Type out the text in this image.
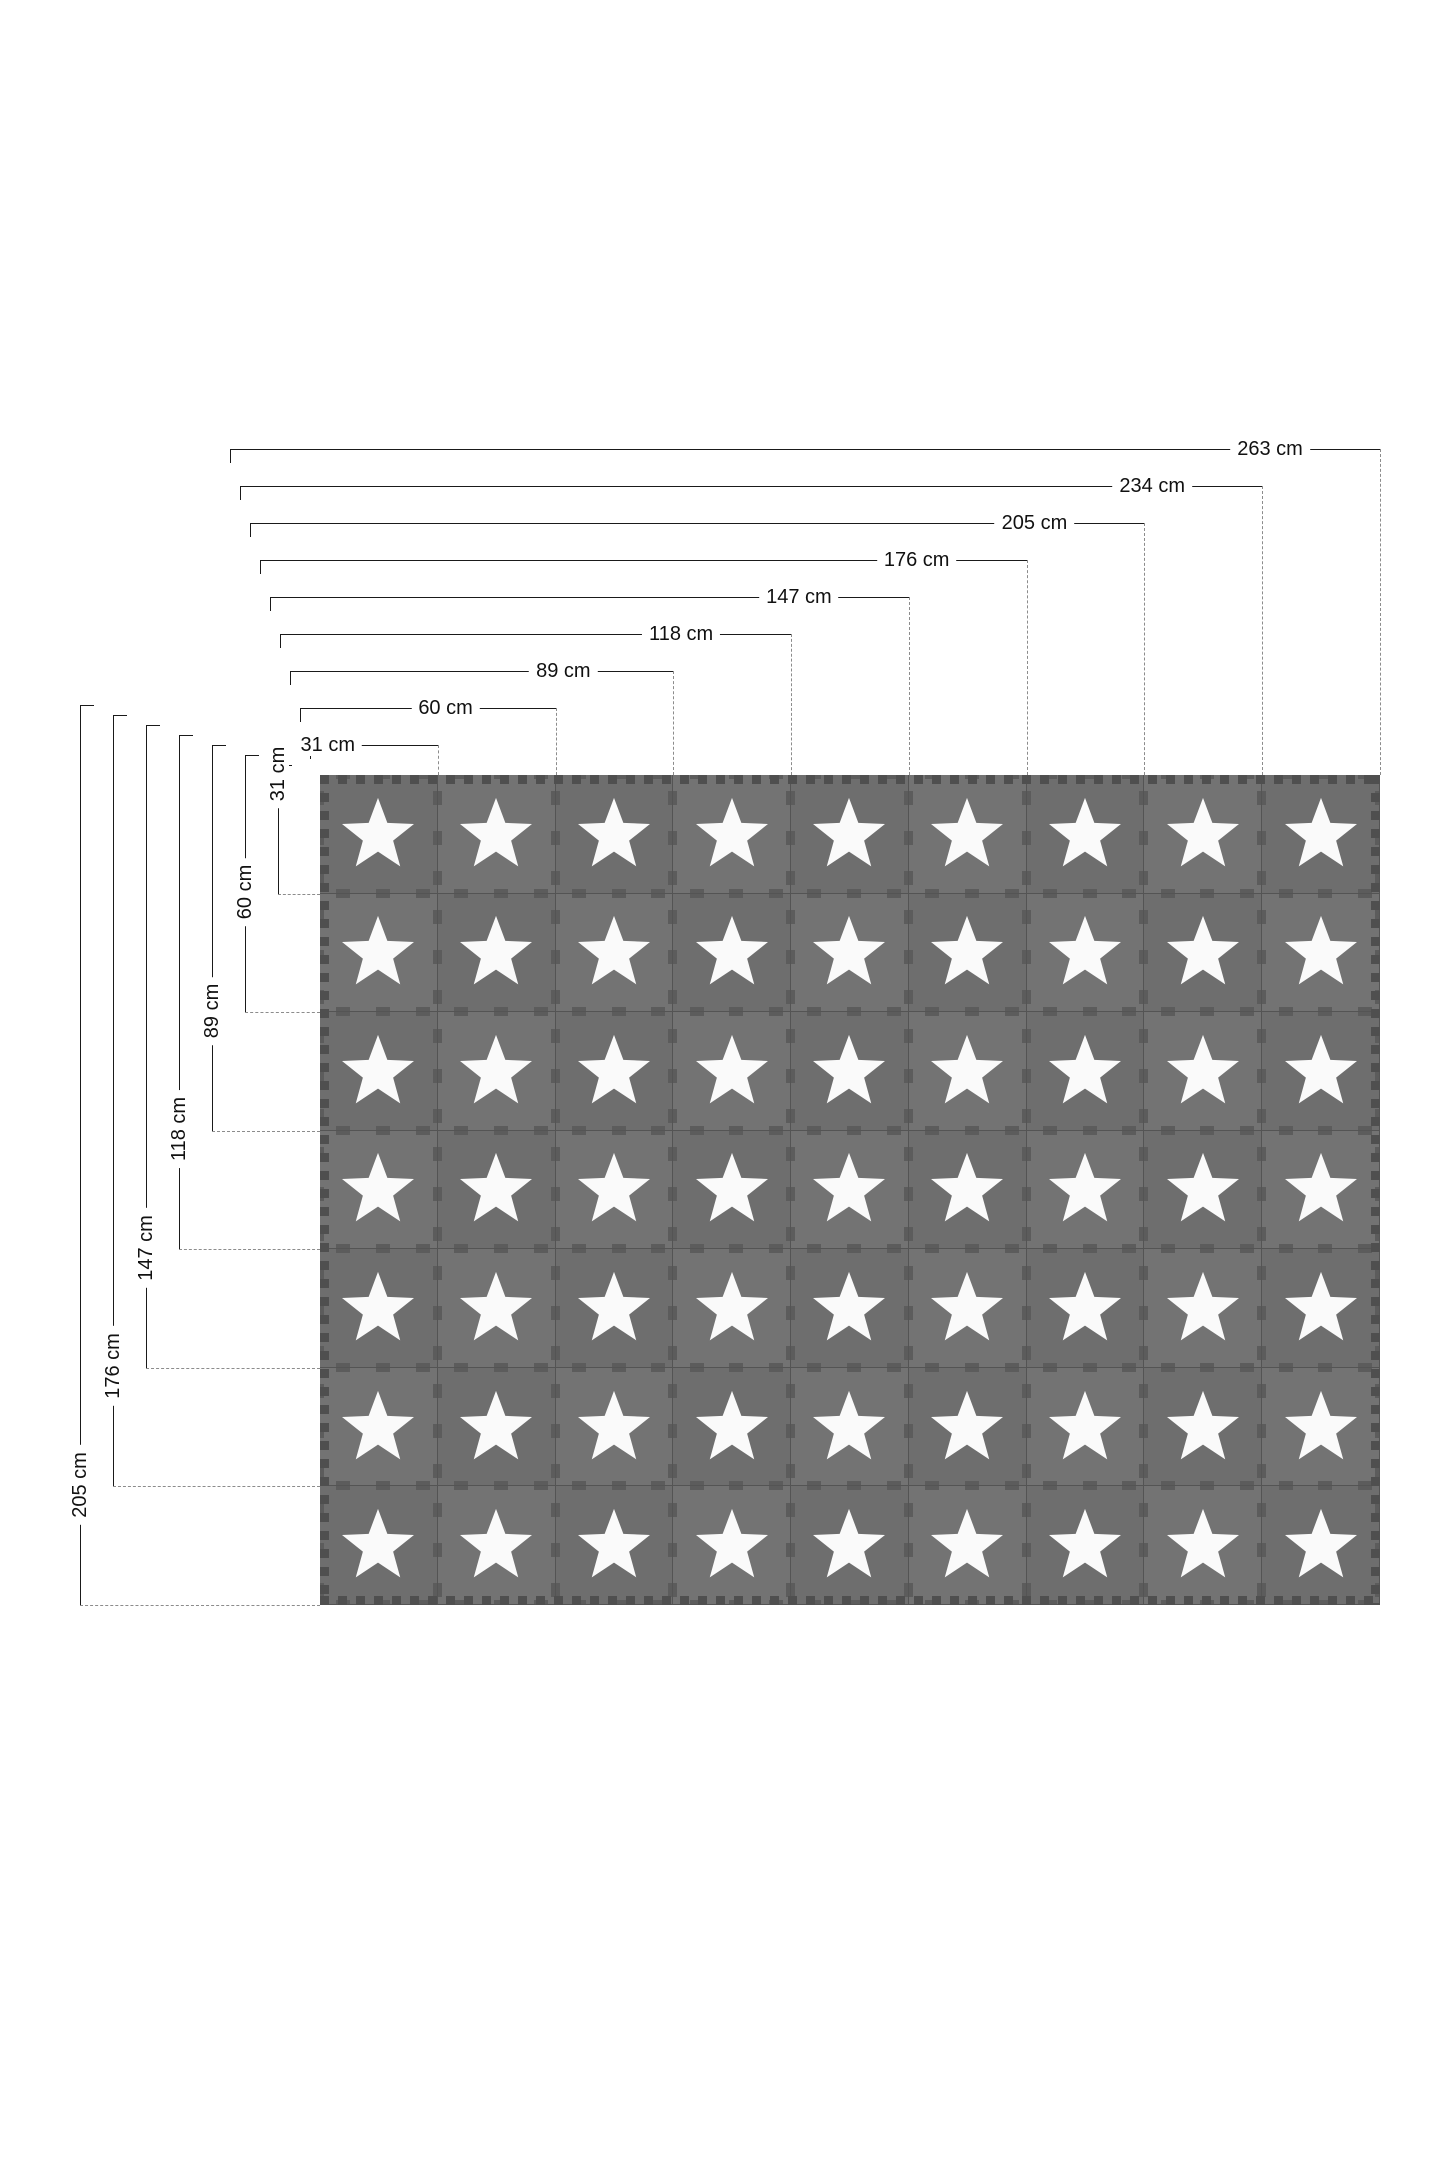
31 cm
60 cm
89 cm
118 cm
147 cm
176 cm
205 cm
234 cm
263 cm
31 cm
60 cm
89 cm
118 cm
147 cm
176 cm
205 cm
